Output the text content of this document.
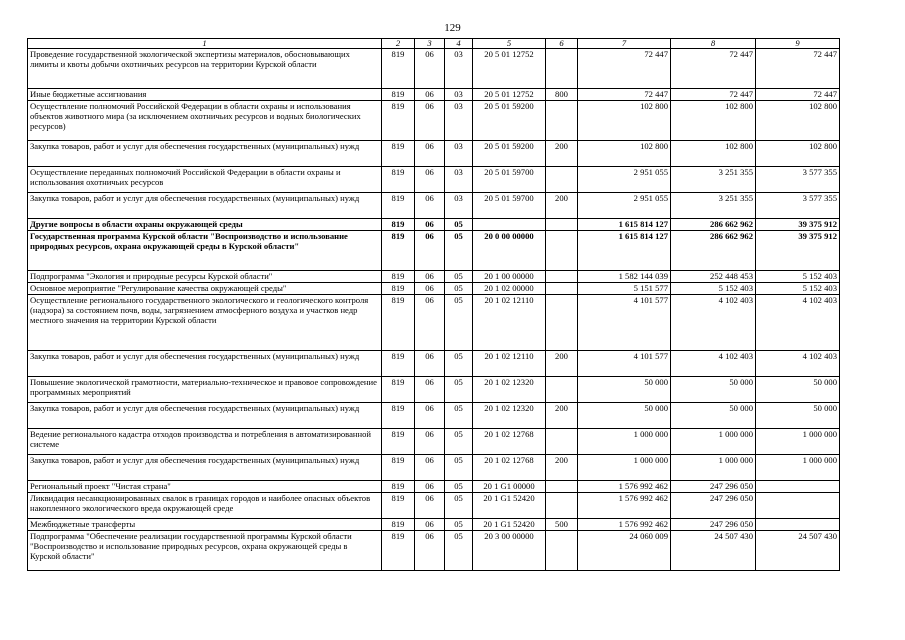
129
1	2	3	4	5	6	7	8	9
Проведение государственной экологической экспертизы материалов, обосновывающих лимиты и квоты добычи охотничьих ресурсов на территории Курской области	819	06	03	20 5 01 12752		72 447	72 447	72 447
Иные бюджетные ассигнования	819	06	03	20 5 01 12752	800	72 447	72 447	72 447
Осуществление полномочий Российской Федерации в области охраны и использования объектов животного мира (за исключением охотничьих ресурсов и водных биологических ресурсов)	819	06	03	20 5 01 59200		102 800	102 800	102 800
Закупка товаров, работ и услуг для обеспечения государственных (муниципальных) нужд	819	06	03	20 5 01 59200	200	102 800	102 800	102 800
Осуществление переданных полномочий Российской Федерации в области охраны и использования охотничьих ресурсов	819	06	03	20 5 01 59700		2 951 055	3 251 355	3 577 355
Закупка товаров, работ и услуг для обеспечения государственных (муниципальных) нужд	819	06	03	20 5 01 59700	200	2 951 055	3 251 355	3 577 355
Другие вопросы в области охраны окружающей среды	819	06	05			1 615 814 127	286 662 962	39 375 912
Государственная программа Курской области "Воспроизводство и использование природных ресурсов, охрана окружающей среды в Курской области"	819	06	05	20 0 00 00000		1 615 814 127	286 662 962	39 375 912
Подпрограмма "Экология и природные ресурсы Курской области"	819	06	05	20 1 00 00000		1 582 144 039	252 448 453	5 152 403
Основное мероприятие "Регулирование качества окружающей среды"	819	06	05	20 1 02 00000		5 151 577	5 152 403	5 152 403
Осуществление регионального государственного экологического и геологического контроля (надзора) за состоянием почв, воды, загрязнением атмосферного воздуха и участков недр местного значения на территории Курской области	819	06	05	20 1 02 12110		4 101 577	4 102 403	4 102 403
Закупка товаров, работ и услуг для обеспечения государственных (муниципальных) нужд	819	06	05	20 1 02 12110	200	4 101 577	4 102 403	4 102 403
Повышение экологической грамотности, материально-техническое и правовое сопровождение программных мероприятий	819	06	05	20 1 02 12320		50 000	50 000	50 000
Закупка товаров, работ и услуг для обеспечения государственных (муниципальных) нужд	819	06	05	20 1 02 12320	200	50 000	50 000	50 000
Ведение регионального кадастра отходов производства и потребления в автоматизированной системе	819	06	05	20 1 02 12768		1 000 000	1 000 000	1 000 000
Закупка товаров, работ и услуг для обеспечения государственных (муниципальных) нужд	819	06	05	20 1 02 12768	200	1 000 000	1 000 000	1 000 000
Региональный проект "Чистая страна"	819	06	05	20 1 G1 00000		1 576 992 462	247 296 050	
Ликвидация несанкционированных свалок в границах городов и наиболее опасных объектов накопленного экологического вреда окружающей среде	819	06	05	20 1 G1 52420		1 576 992 462	247 296 050	
Межбюджетные трансферты	819	06	05	20 1 G1 52420	500	1 576 992 462	247 296 050	
Подпрограмма "Обеспечение реализации государственной программы Курской области "Воспроизводство и использование природных ресурсов, охрана окружающей среды в Курской области"	819	06	05	20 3 00 00000		24 060 009	24 507 430	24 507 430
